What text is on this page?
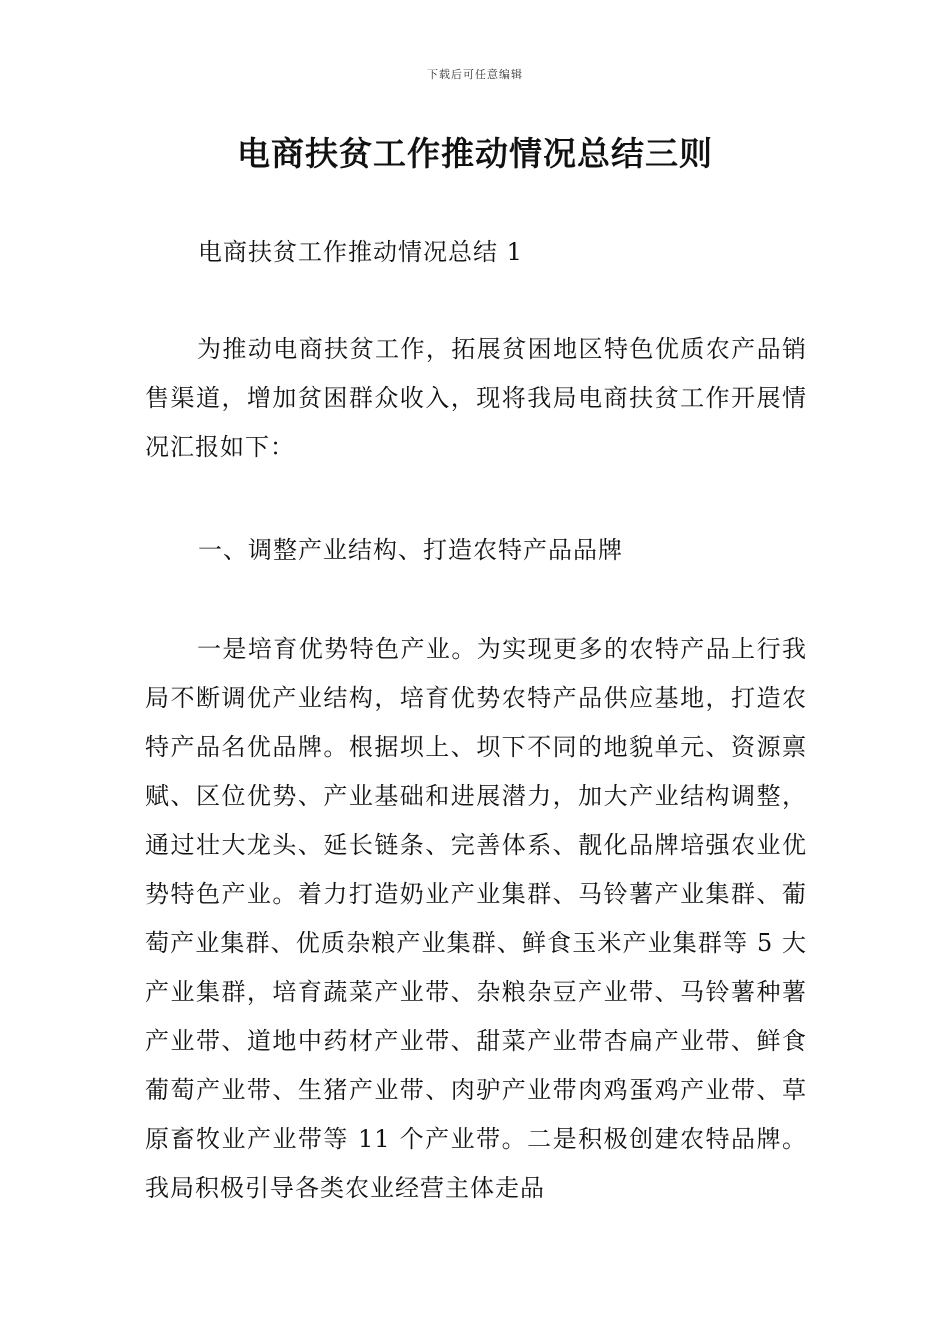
下载后可任意编辑
电商扶贫工作推动情况总结三则
电商扶贫工作推动情况总结 1

为推动电商扶贫工作，拓展贫困地区特色优质农产品销售渠道，增加贫困群众收入，现将我局电商扶贫工作开展情况汇报如下：

一、调整产业结构、打造农特产品品牌

一是培育优势特色产业。为实现更多的农特产品上行我局不断调优产业结构，培育优势农特产品供应基地，打造农特产品名优品牌。根据坝上、坝下不同的地貌单元、资源禀赋、区位优势、产业基础和进展潜力，加大产业结构调整，通过壮大龙头、延长链条、完善体系、靓化品牌培强农业优势特色产业。着力打造奶业产业集群、马铃薯产业集群、葡萄产业集群、优质杂粮产业集群、鲜食玉米产业集群等 5 大产业集群，培育蔬菜产业带、杂粮杂豆产业带、马铃薯种薯产业带、道地中药材产业带、甜菜产业带杏扁产业带、鲜食葡萄产业带、生猪产业带、肉驴产业带肉鸡蛋鸡产业带、草原畜牧业产业带等 11 个产业带。二是积极创建农特品牌。我局积极引导各类农业经营主体走品
